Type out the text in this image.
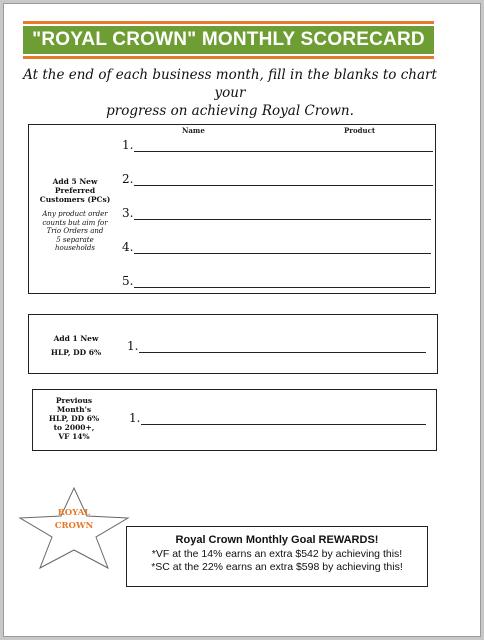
"ROYAL CROWN" MONTHLY SCORECARD
At the end of each business month, fill in the blanks to chart your
progress on achieving Royal Crown.
Name	Product
Add 5 New
Preferred
Customers (PCs)
Any product order
counts but aim for
Trio Orders and
5 separate
households
1.
2.
3.
4.
5.
Add 1 New
HLP, DD 6%	1.
Previous
Month's
HLP, DD 6%
to 2000+,
VF 14%
1.
ROYAL
CROWN
Royal Crown Monthly Goal REWARDS!
*VF at the 14% earns an extra $542 by achieving this!
*SC at the 22% earns an extra $598 by achieving this!
